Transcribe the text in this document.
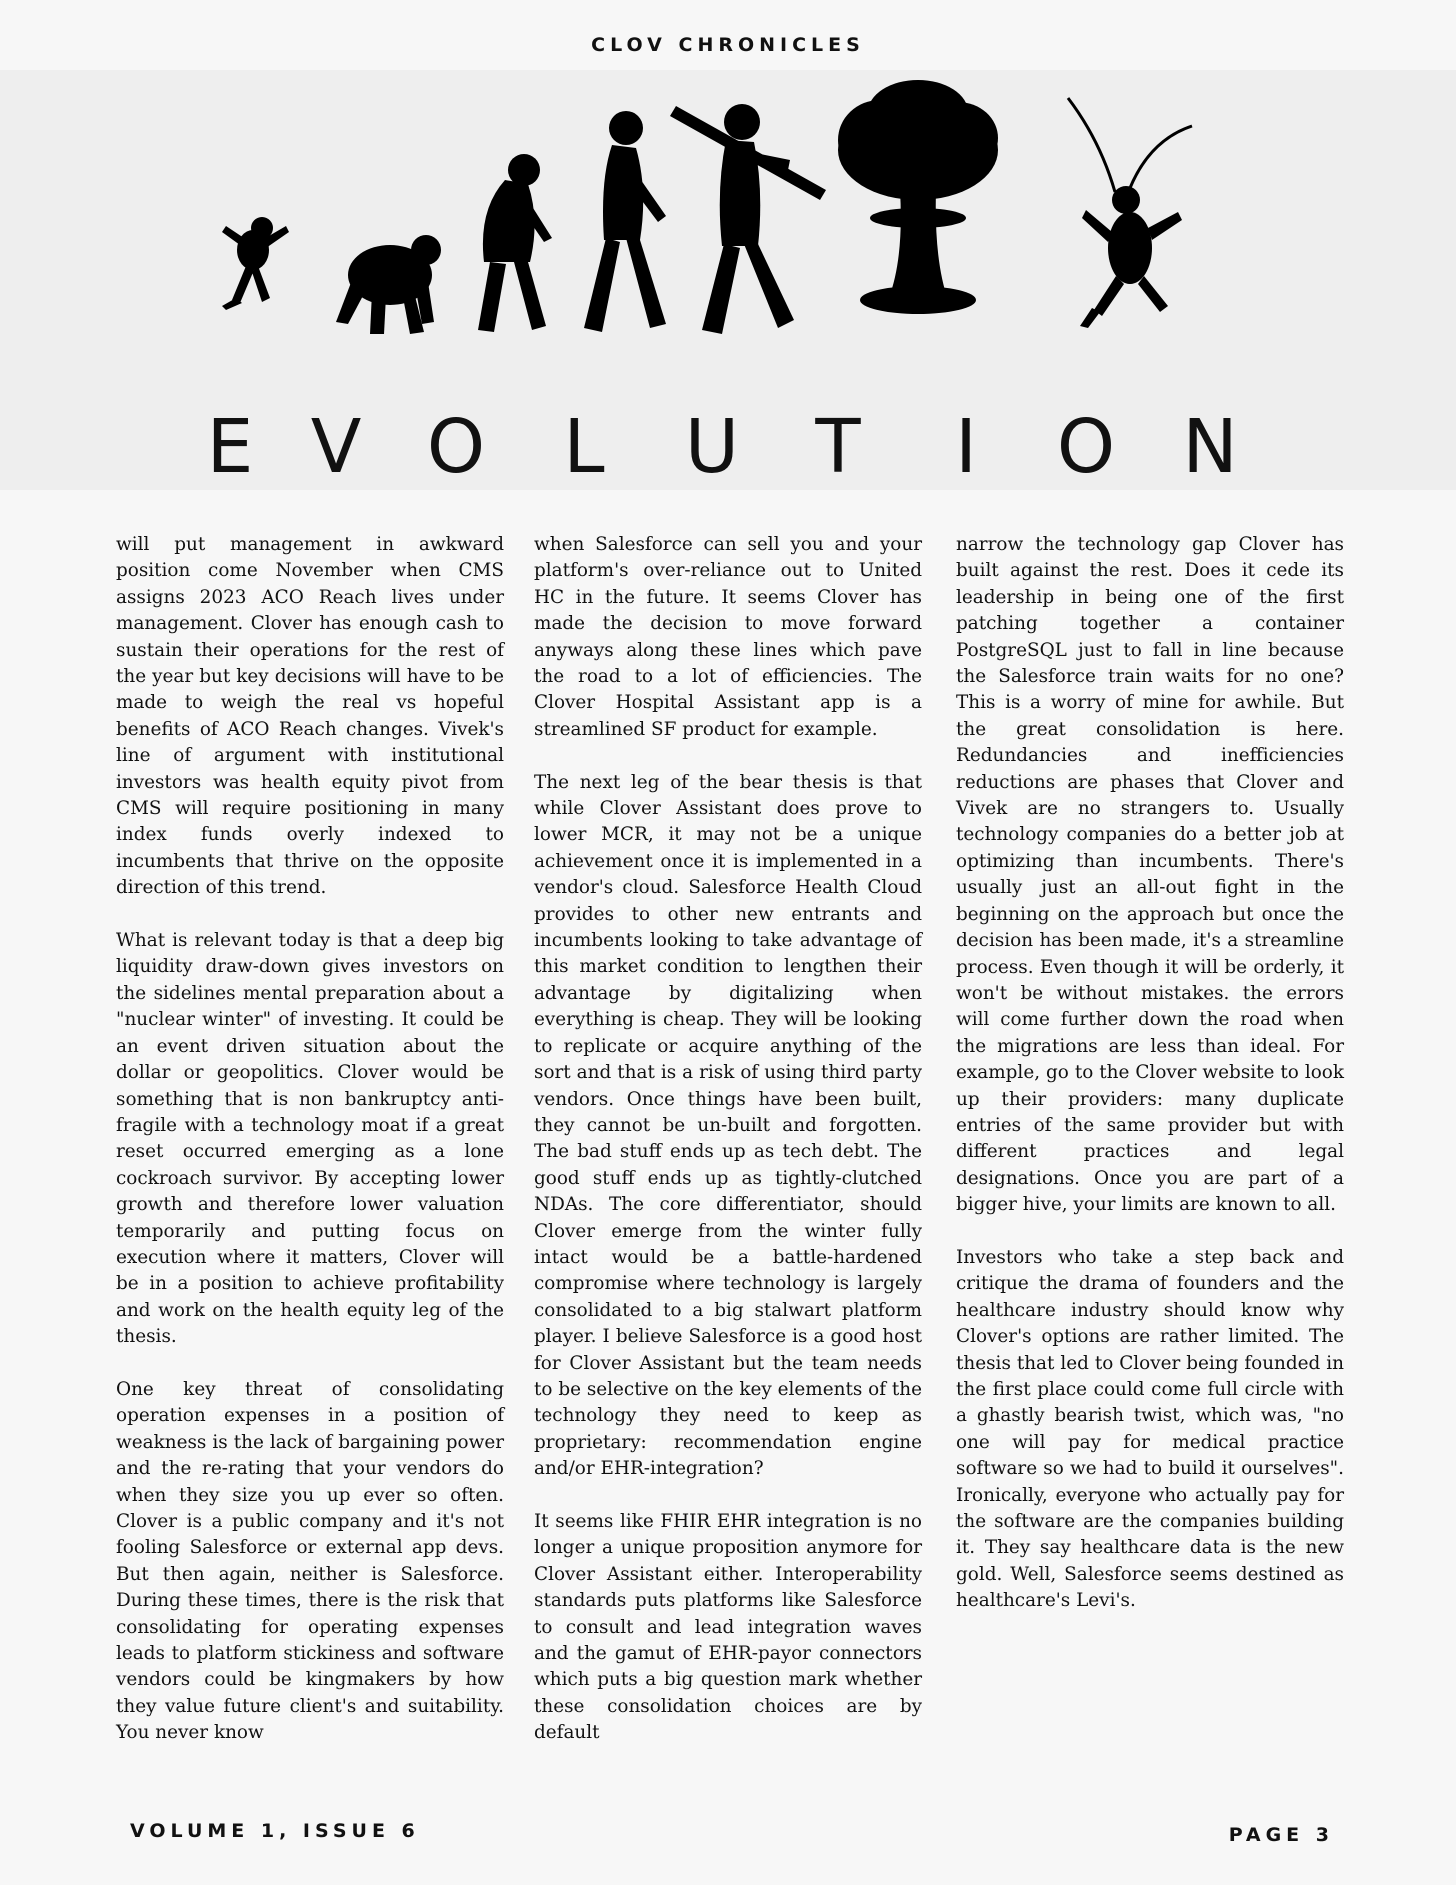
CLOV CHRONICLES
E V O L U T I O N

will put management in awkward position come November when CMS assigns 2023 ACO Reach lives under management. Clover has enough cash to sustain their operations for the rest of the year but key decisions will have to be made to weigh the real vs hopeful benefits of ACO Reach changes. Vivek's line of argument with institutional investors was health equity pivot from CMS will require positioning in many index funds overly indexed to incumbents that thrive on the opposite direction of this trend.

What is relevant today is that a deep big liquidity draw-down gives investors on the sidelines mental preparation about a "nuclear winter" of investing. It could be an event driven situation about the dollar or geopolitics. Clover would be something that is non bankruptcy anti-fragile with a technology moat if a great reset occurred emerging as a lone cockroach survivor. By accepting lower growth and therefore lower valuation temporarily and putting focus on execution where it matters, Clover will be in a position to achieve profitability and work on the health equity leg of the thesis.

One key threat of consolidating operation expenses in a position of weakness is the lack of bargaining power and the re-rating that your vendors do when they size you up ever so often. Clover is a public company and it's not fooling Salesforce or external app devs. But then again, neither is Salesforce. During these times, there is the risk that consolidating for operating expenses leads to platform stickiness and software vendors could be kingmakers by how they value future client's and suitability. You never know

when Salesforce can sell you and your platform's over-reliance out to United HC in the future. It seems Clover has made the decision to move forward anyways along these lines which pave the road to a lot of efficiencies. The Clover Hospital Assistant app is a streamlined SF product for example.

The next leg of the bear thesis is that while Clover Assistant does prove to lower MCR, it may not be a unique achievement once it is implemented in a vendor's cloud. Salesforce Health Cloud provides to other new entrants and incumbents looking to take advantage of this market condition to lengthen their advantage by digitalizing when everything is cheap. They will be looking to replicate or acquire anything of the sort and that is a risk of using third party vendors. Once things have been built, they cannot be un-built and forgotten. The bad stuff ends up as tech debt. The good stuff ends up as tightly-clutched NDAs. The core differentiator, should Clover emerge from the winter fully intact would be a battle-hardened compromise where technology is largely consolidated to a big stalwart platform player. I believe Salesforce is a good host for Clover Assistant but the team needs to be selective on the key elements of the technology they need to keep as proprietary: recommendation engine and/or EHR-integration?

It seems like FHIR EHR integration is no longer a unique proposition anymore for Clover Assistant either. Interoperability standards puts platforms like Salesforce to consult and lead integration waves and the gamut of EHR-payor connectors which puts a big question mark whether these consolidation choices are by default

narrow the technology gap Clover has built against the rest. Does it cede its leadership in being one of the first patching together a container PostgreSQL just to fall in line because the Salesforce train waits for no one? This is a worry of mine for awhile. But the great consolidation is here. Redundancies and inefficiencies reductions are phases that Clover and Vivek are no strangers to. Usually technology companies do a better job at optimizing than incumbents. There's usually just an all-out fight in the beginning on the approach but once the decision has been made, it's a streamline process. Even though it will be orderly, it won't be without mistakes. the errors will come further down the road when the migrations are less than ideal. For example, go to the Clover website to look up their providers: many duplicate entries of the same provider but with different practices and legal designations. Once you are part of a bigger hive, your limits are known to all.

Investors who take a step back and critique the drama of founders and the healthcare industry should know why Clover's options are rather limited. The thesis that led to Clover being founded in the first place could come full circle with a ghastly bearish twist, which was, "no one will pay for medical practice software so we had to build it ourselves". Ironically, everyone who actually pay for the software are the companies building it. They say healthcare data is the new gold. Well, Salesforce seems destined as healthcare's Levi's.

VOLUME 1, ISSUE 6	PAGE 3
